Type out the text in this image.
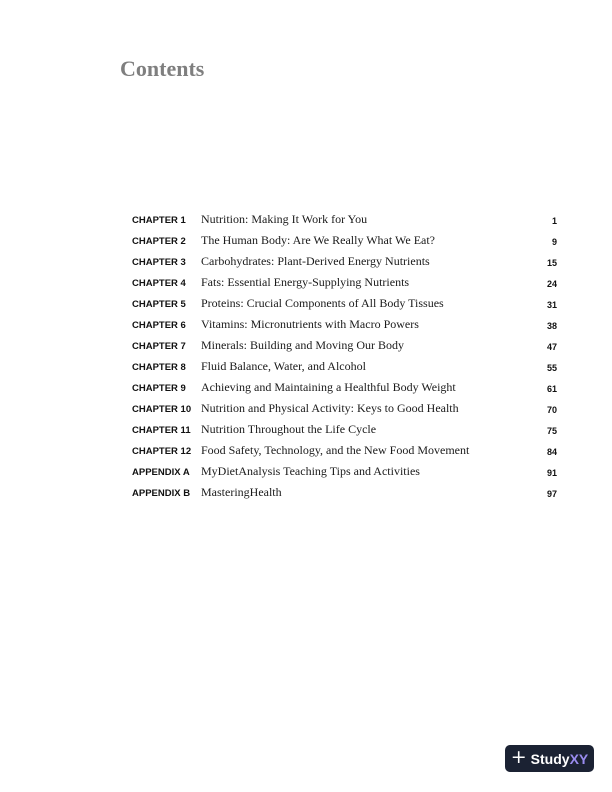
Contents
CHAPTER 1 Nutrition: Making It Work for You	1
CHAPTER 2 The Human Body: Are We Really What We Eat?	9
CHAPTER 3 Carbohydrates: Plant-Derived Energy Nutrients	15
CHAPTER 4 Fats: Essential Energy-Supplying Nutrients	24
CHAPTER 5 Proteins: Crucial Components of All Body Tissues	31
CHAPTER 6 Vitamins: Micronutrients with Macro Powers	38
CHAPTER 7 Minerals: Building and Moving Our Body	47
CHAPTER 8 Fluid Balance, Water, and Alcohol	55
CHAPTER 9 Achieving and Maintaining a Healthful Body Weight	61
CHAPTER 10 Nutrition and Physical Activity: Keys to Good Health	70
CHAPTER 11 Nutrition Throughout the Life Cycle	75
CHAPTER 12 Food Safety, Technology, and the New Food Movement	84
APPENDIX A MyDietAnalysis Teaching Tips and Activities	91
APPENDIX B MasteringHealth	97
+ StudyXY
